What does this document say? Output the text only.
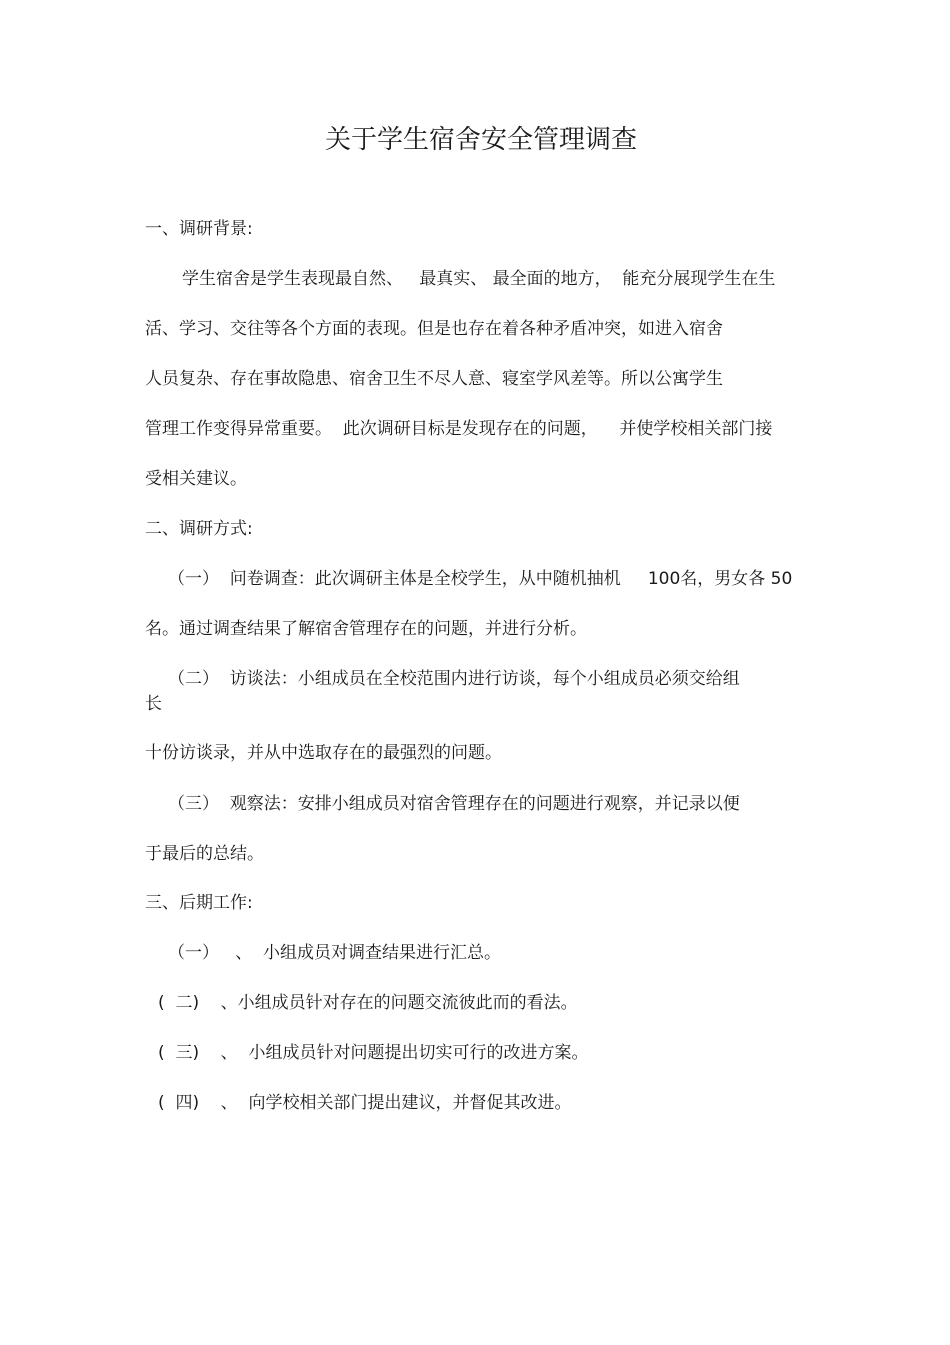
关于学生宿舍安全管理调查
一、调研背景:
学生宿舍是学生表现最自然、   最真实、 最全面的地方，  能充分展现学生在生
活、学习、交往等各个方面的表现。但是也存在着各种矛盾冲突，如进入宿舍
人员复杂、存在事故隐患、宿舍卫生不尽人意、寝室学风差等。所以公寓学生
管理工作变得异常重要。  此次调研目标是发现存在的问题，    并使学校相关部门接
受相关建议。
二、调研方式:
（一）  问卷调查：此次调研主体是全校学生，从中随机抽机     100名，男女各 50
名。通过调查结果了解宿舍管理存在的问题，并进行分析。
（二）  访谈法：小组成员在全校范围内进行访谈，每个小组成员必须交给组
长
十份访谈录，并从中选取存在的最强烈的问题。
（三）  观察法：安排小组成员对宿舍管理存在的问题进行观察，并记录以便
于最后的总结。
三、后期工作:
（一）   、  小组成员对调查结果进行汇总。
(  二)    、小组成员针对存在的问题交流彼此而的看法。
(  三)    、  小组成员针对问题提出切实可行的改进方案。
(  四)    、  向学校相关部门提出建议，并督促其改进。
